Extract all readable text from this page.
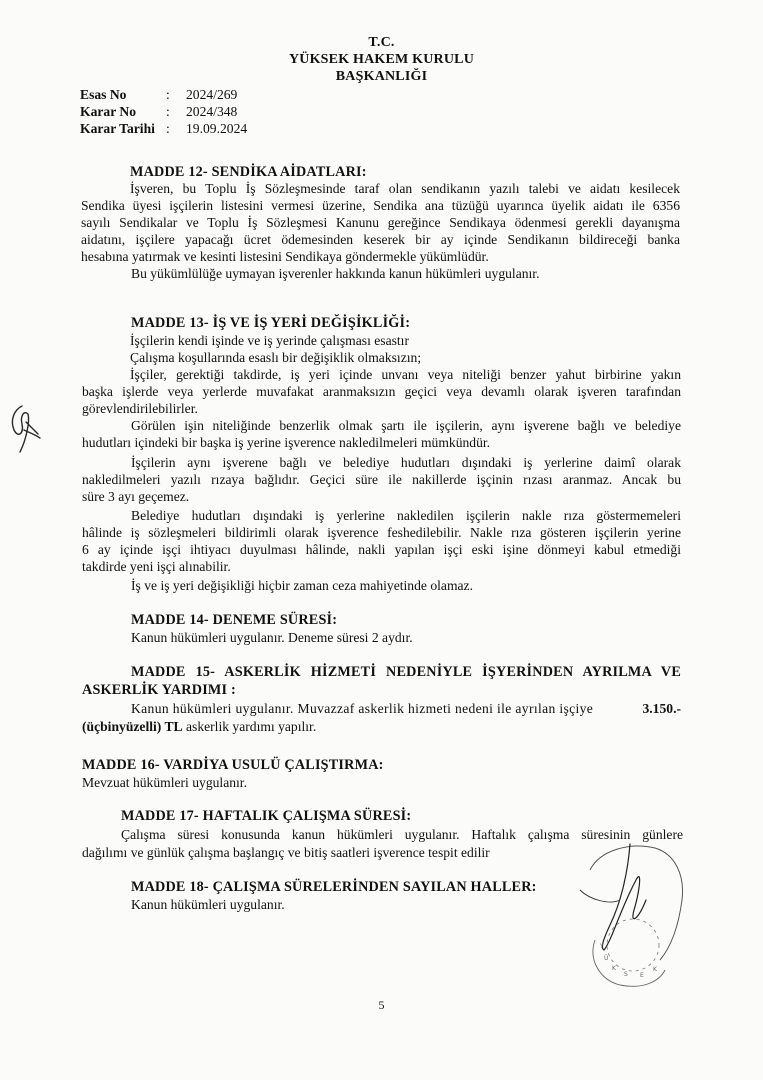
T.C.
YÜKSEK HAKEM KURULU
BAŞKANLIĞI
Esas No	: 2024/269
Karar No : 2024/348
Karar Tarihi : 19.09.2024
MADDE 12- SENDİKA AİDATLARI:
İşveren, bu Toplu İş Sözleşmesinde taraf olan sendikanın yazılı talebi ve aidatı kesilecek
Sendika üyesi işçilerin listesini vermesi üzerine, Sendika ana tüzüğü uyarınca üyelik aidatı ile 6356
sayılı Sendikalar ve Toplu İş Sözleşmesi Kanunu gereğince Sendikaya ödenmesi gerekli dayanışma
aidatını, işçilere yapacağı ücret ödemesinden keserek bir ay içinde Sendikanın bildireceği banka
hesabına yatırmak ve kesinti listesini Sendikaya göndermekle yükümlüdür.
Bu yükümlülüğe uymayan işverenler hakkında kanun hükümleri uygulanır.
MADDE 13- İŞ VE İŞ YERİ DEĞİŞİKLİĞİ:
İşçilerin kendi işinde ve iş yerinde çalışması esastır
Çalışma koşullarında esaslı bir değişiklik olmaksızın;
İşçiler, gerektiği takdirde, iş yeri içinde unvanı veya niteliği benzer yahut birbirine yakın
başka işlerde veya yerlerde muvafakat aranmaksızın geçici veya devamlı olarak işveren tarafından
görevlendirilebilirler.
Görülen işin niteliğinde benzerlik olmak şartı ile işçilerin, aynı işverene bağlı ve belediye
hudutları içindeki bir başka iş yerine işverence nakledilmeleri mümkündür.
İşçilerin aynı işverene bağlı ve belediye hudutları dışındaki iş yerlerine daimî olarak
nakledilmeleri yazılı rızaya bağlıdır. Geçici süre ile nakillerde işçinin rızası aranmaz. Ancak bu
süre 3 ayı geçemez.
Belediye hudutları dışındaki iş yerlerine nakledilen işçilerin nakle rıza göstermemeleri
hâlinde iş sözleşmeleri bildirimli olarak işverence feshedilebilir. Nakle rıza gösteren işçilerin yerine
6 ay içinde işçi ihtiyacı duyulması hâlinde, nakli yapılan işçi eski işine dönmeyi kabul etmediği
takdirde yeni işçi alınabilir.
İş ve iş yeri değişikliği hiçbir zaman ceza mahiyetinde olamaz.
MADDE 14- DENEME SÜRESİ:
Kanun hükümleri uygulanır. Deneme süresi 2 aydır.
MADDE 15- ASKERLİK HİZMETİ NEDENİYLE İŞYERİNDEN AYRILMA VE
ASKERLİK YARDIMI :
Kanun hükümleri uygulanır. Muvazzaf askerlik hizmeti nedeni ile ayrılan işçiye	3.150.-
(üçbinyüzelli) TL askerlik yardımı yapılır.
MADDE 16- VARDİYA USULÜ ÇALIŞTIRMA:
Mevzuat hükümleri uygulanır.
MADDE 17- HAFTALIK ÇALIŞMA SÜRESİ:
Çalışma süresi konusunda kanun hükümleri uygulanır. Haftalık çalışma süresinin günlere
dağılımı ve günlük çalışma başlangıç ve bitiş saatleri işverence tespit edilir
MADDE 18- ÇALIŞMA SÜRELERİNDEN SAYILAN HALLER:
Kanun hükümleri uygulanır.
5
Y
Ü
K
S E
K
